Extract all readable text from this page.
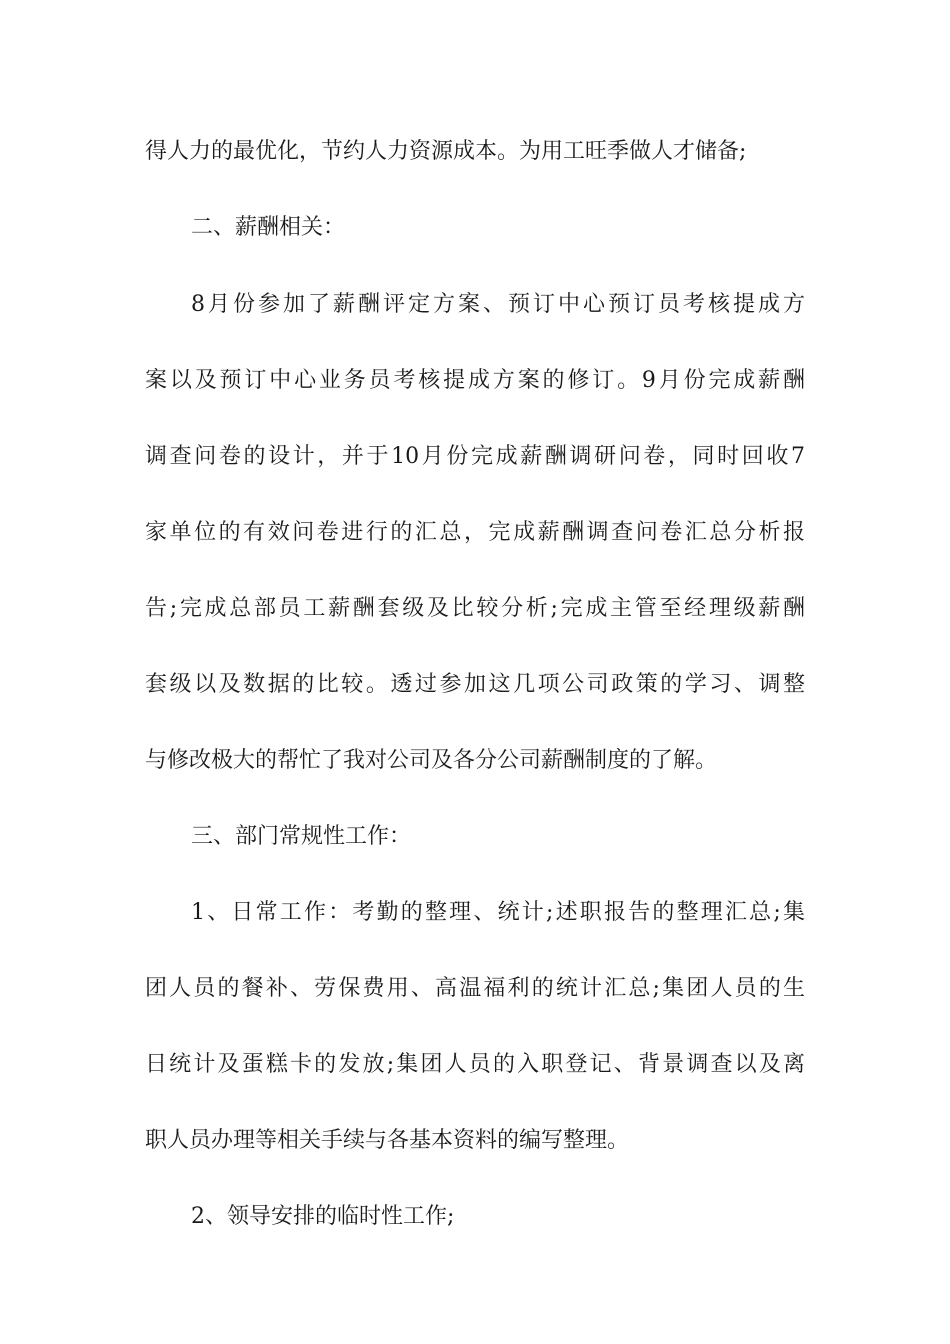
得人力的最优化，节约人力资源成本。为用工旺季做人才储备;
二、薪酬相关：
8月份参加了薪酬评定方案、预订中心预订员考核提成方
案以及预订中心业务员考核提成方案的修订。9月份完成薪酬
调查问卷的设计，并于10月份完成薪酬调研问卷，同时回收7
家单位的有效问卷进行的汇总，完成薪酬调查问卷汇总分析报
告;完成总部员工薪酬套级及比较分析;完成主管至经理级薪酬
套级以及数据的比较。透过参加这几项公司政策的学习、调整
与修改极大的帮忙了我对公司及各分公司薪酬制度的了解。
三、部门常规性工作：
1、日常工作：考勤的整理、统计;述职报告的整理汇总;集
团人员的餐补、劳保费用、高温福利的统计汇总;集团人员的生
日统计及蛋糕卡的发放;集团人员的入职登记、背景调查以及离
职人员办理等相关手续与各基本资料的编写整理。
2、领导安排的临时性工作;
